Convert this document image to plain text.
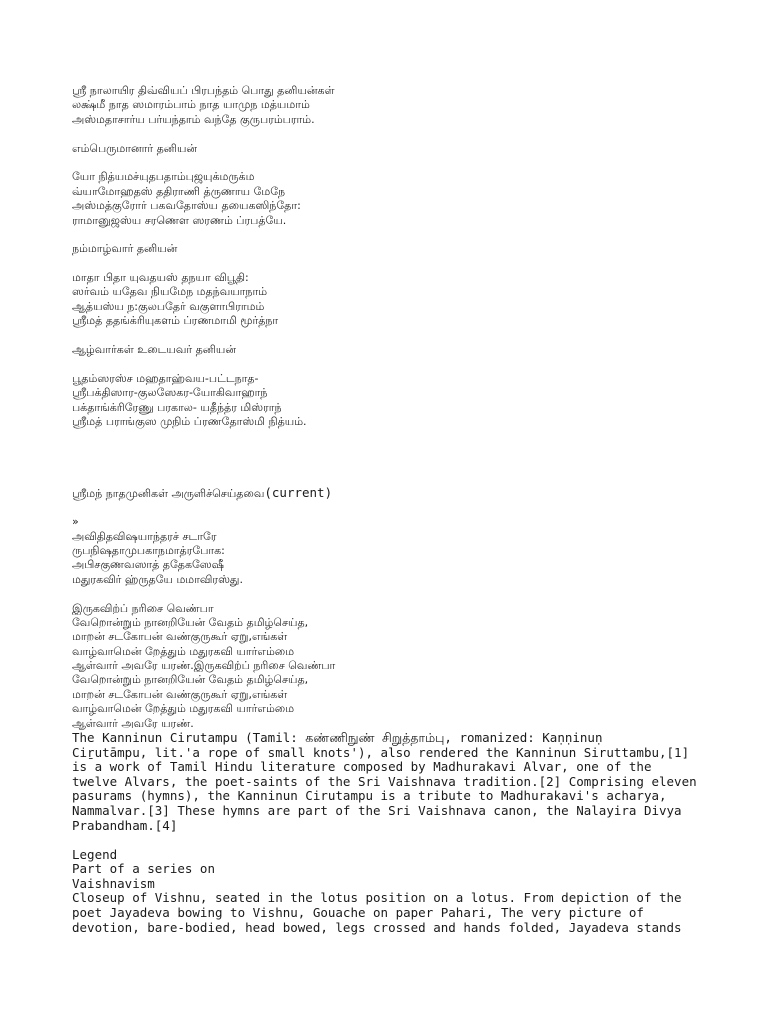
ஸ்ரீ நாலாயிர திவ்வியப் பிரபந்தம் பொது தனியன்கள்
லக்ஷ்மீ நாத ஸமாரம்பாம் நாத யாமுந மத்யமாம்
அஸ்மதாசார்ய பர்யந்தாம் வந்தே குருபரம்பராம்.
எம்பெருமானார் தனியன்
யோ நித்யமச்யுதபதாம்புஜயுக்மருக்ம
வ்யாமோஹதஸ் ததிராணி த்ருணாய மேநே
அஸ்மத்குரோர் பகவதோஸ்ய தயைகஸிந்தோ:
ராமானுஜஸ்ய சரணெள ஸரணம் ப்ரபத்யே.
நம்மாழ்வார் தனியன்
மாதா பிதா யுவதயஸ் தநயா விபூதி:
ஸர்வம் யதேவ நியமேந மதந்வயாநாம்
ஆத்யஸ்ய ந:குலபதேர் வகுளாபிராமம்
ஸ்ரீமத் ததங்க்ரியுகளம் ப்ரணமாமி மூர்த்நா
ஆழ்வார்கள் உடையவர் தனியன்
பூதம்ஸரஸ்ச மஹதாஹ்வய-பட்டநாத-
ஸ்ரீபக்திஸார-குலஸேகர-யோகிவாஹாந்
பக்தாங்க்ரிரேணு பரகால- யதீந்த்ர மிஸ்ராந்
ஸ்ரீமத் பராங்குஸ முநிம் ப்ரணதோஸ்மி நித்யம்.
ஸ்ரீமந் நாதமுனிகள் அருளிச்செய்தவை(current)
»
அவிதிதவிஷயாந்தரச் சடாரே
ருபநிஷதாமுபகாநமாத்ரபோக:
அபிசகுணவஸாத் ததேகஸேஷீ
மதுரகவிர் ஹ்ருதயே மமாவிரஸ்து.
இருகவிற்ப் நரிசை வெண்பா
வேறொன்றும் நானறியேன் வேதம் தமிழ்செய்த,
மாறன் சடகோபன் வண்குருகூர் ஏறு,எங்கள்
வாழ்வாமென் றேத்தும் மதுரகவி யார்எம்மை
ஆள்வார் அவரே யரண்.இருகவிற்ப் நரிசை வெண்பா
வேறொன்றும் நானறியேன் வேதம் தமிழ்செய்த,
மாறன் சடகோபன் வண்குருகூர் ஏறு,எங்கள்
வாழ்வாமென் றேத்தும் மதுரகவி யார்எம்மை
ஆள்வார் அவரே யரண்.
The Kanninun Cirutampu (Tamil: கண்ணிநுண் சிறுத்தாம்பு, romanized: Kaṇṇinuṇ
Ciṟutāmpu, lit.'a rope of small knots'), also rendered the Kanninun Siruttambu,[1]
is a work of Tamil Hindu literature composed by Madhurakavi Alvar, one of the
twelve Alvars, the poet-saints of the Sri Vaishnava tradition.[2] Comprising eleven
pasurams (hymns), the Kanninun Cirutampu is a tribute to Madhurakavi's acharya,
Nammalvar.[3] These hymns are part of the Sri Vaishnava canon, the Nalayira Divya
Prabandham.[4]
Legend
Part of a series on
Vaishnavism
Closeup of Vishnu, seated in the lotus position on a lotus. From depiction of the
poet Jayadeva bowing to Vishnu, Gouache on paper Pahari, The very picture of
devotion, bare-bodied, head bowed, legs crossed and hands folded, Jayadeva stands
